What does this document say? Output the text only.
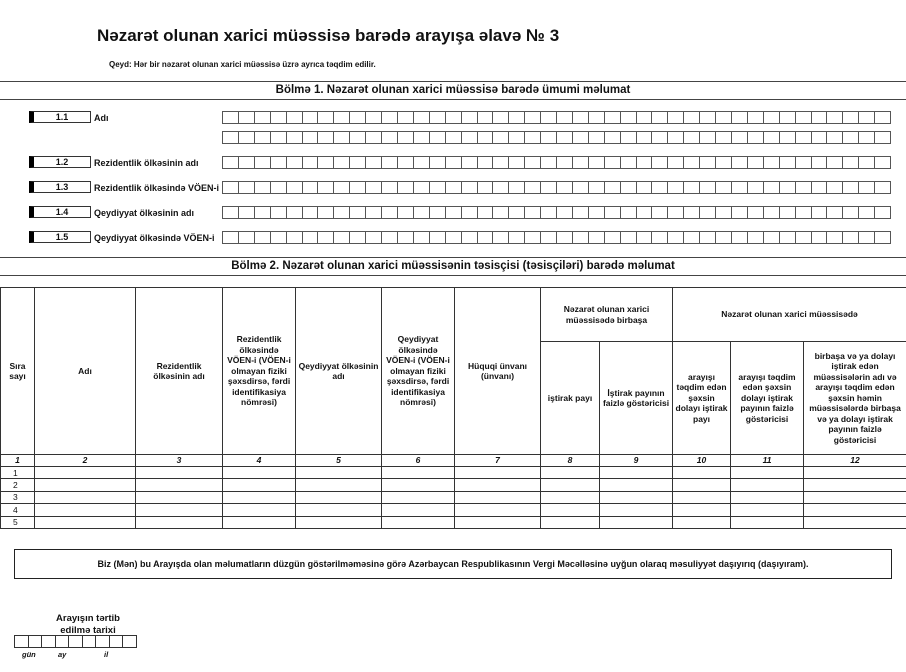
Nəzarət olunan xarici müəssisə barədə arayışa əlavə № 3
Qeyd: Hər bir nəzarət olunan xarici müəssisə üzrə ayrıca təqdim edilir.
Bölmə 1. Nəzarət olunan xarici müəssisə barədə ümumi məlumat
1.1	Adı
1.2	Rezidentlik ölkəsinin adı
1.3	Rezidentlik ölkəsində VÖEN-i
1.4	Qeydiyyat ölkəsinin adı
1.5	Qeydiyyat ölkəsində VÖEN-i
Bölmə 2. Nəzarət olunan xarici müəssisənin təsisçisi (təsisçiləri) barədə məlumat
Sıra sayı	Adı	Rezidentlik ölkəsinin adı	Rezidentlik ölkəsində VÖEN-i (VÖEN-i olmayan fiziki şəxsdirsə, fərdi identifikasiya nömrəsi)	Qeydiyyat ölkəsinin adı	Qeydiyyat ölkəsində VÖEN-i (VÖEN-i olmayan fiziki şəxsdirsə, fərdi identifikasiya nömrəsi)	Hüquqi ünvanı (ünvanı)	Nəzarət olunan xarici müəssisədə birbaşa		Nəzarət olunan xarici müəssisədə		
							iştirak payı	İştirak payının faizlə göstəricisi	arayışı təqdim edən şəxsin dolayı iştirak payı	arayışı təqdim edən şəxsin dolayı iştirak payının faizlə göstəricisi	birbaşa və ya dolayı iştirak edən müəssisələrin adı və arayışı təqdim edən şəxsin həmin müəssisələrdə birbaşa və ya dolayı iştirak payının faizlə göstəricisi
1	2	3	4	5	6	7	8	9	10	11	12
1											
2											
3											
4											
5											
Biz (Mən) bu Arayışda olan məlumatların düzgün göstərilməməsinə görə Azərbaycan Respublikasının Vergi Məcəlləsinə uyğun olaraq məsuliyyət daşıyırıq (daşıyıram).
Arayışın tərtib edilmə tarixi
gün	ay	il
